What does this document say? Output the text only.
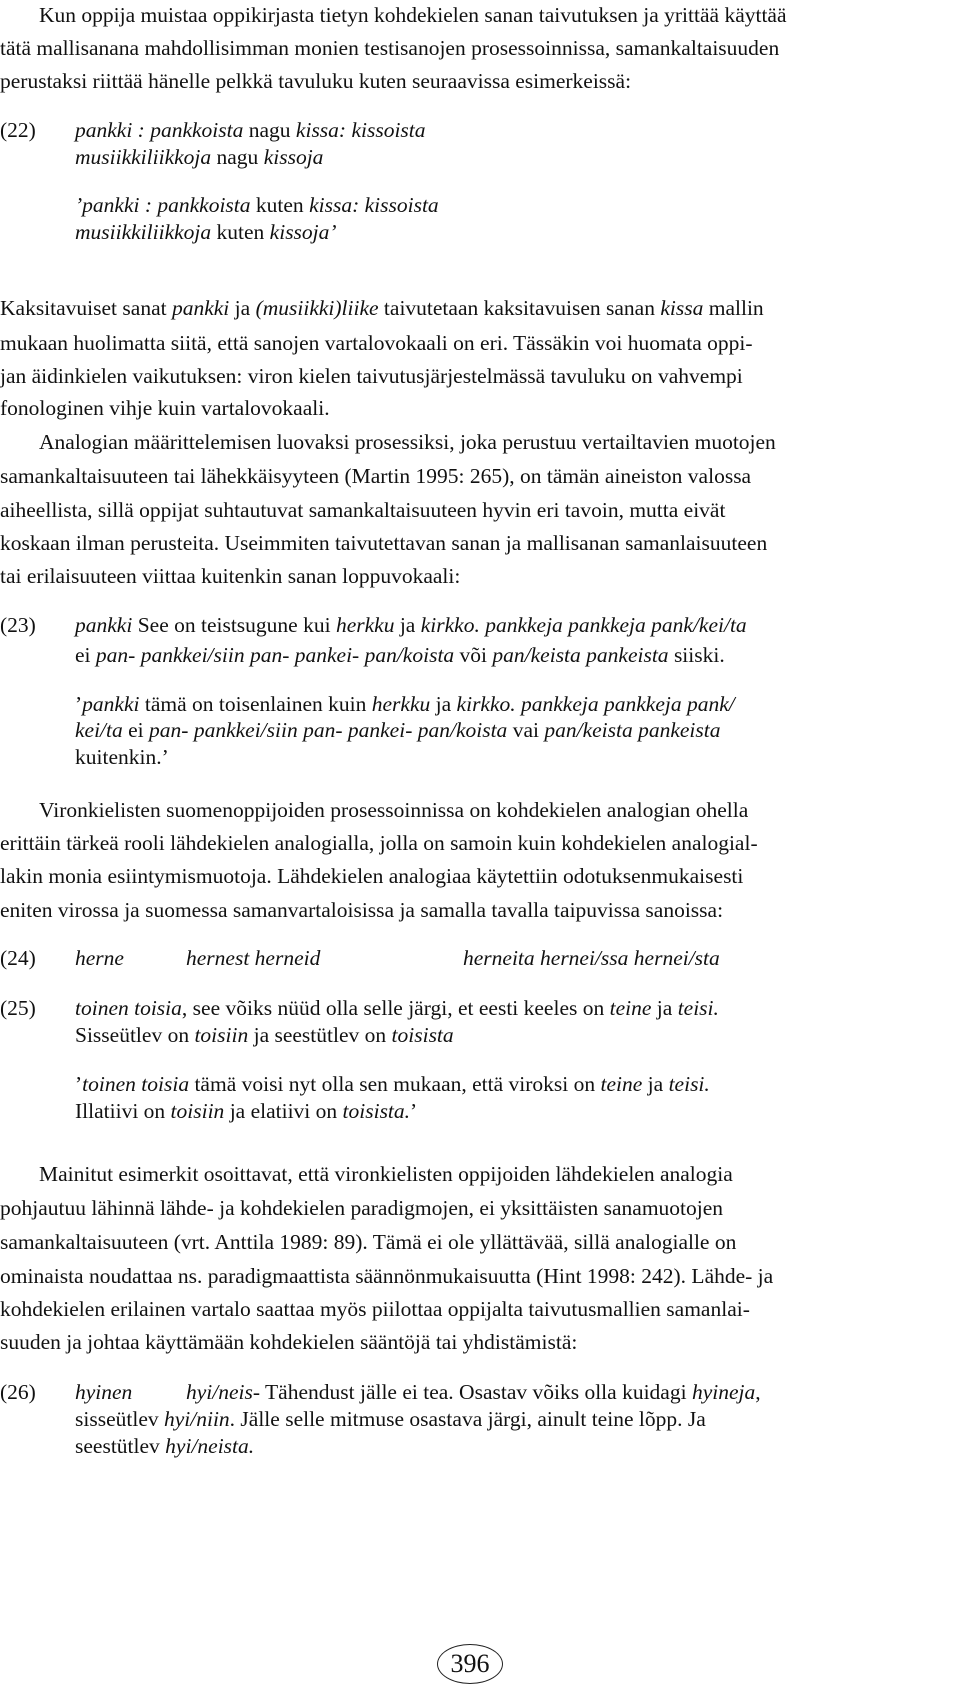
Kun oppija muistaa oppikirjasta tietyn kohdekielen sanan taivutuksen ja yrittää käyttää
tätä mallisanana mahdollisimman monien testisanojen prosessoinnissa, samankaltaisuuden
perustaksi riittää hänelle pelkkä tavuluku kuten seuraavissa esimerkeissä:
(22) pankki : pankkoista nagu kissa: kissoista
musiikkiliikkoja nagu kissoja
’pankki : pankkoista kuten kissa: kissoista
musiikkiliikkoja kuten kissoja’
Kaksitavuiset sanat pankki ja (musiikki)liike taivutetaan kaksitavuisen sanan kissa mallin
mukaan huolimatta siitä, että sanojen vartalovokaali on eri. Tässäkin voi huomata oppi-
jan äidinkielen vaikutuksen: viron kielen taivutusjärjestelmässä tavuluku on vahvempi
fonologinen vihje kuin vartalovokaali.
Analogian määrittelemisen luovaksi prosessiksi, joka perustuu vertailtavien muotojen
samankaltaisuuteen tai lähekkäisyyteen (Martin 1995: 265), on tämän aineiston valossa
aiheellista, sillä oppijat suhtautuvat samankaltaisuuteen hyvin eri tavoin, mutta eivät
koskaan ilman perusteita. Useimmiten taivutettavan sanan ja mallisanan samanlaisuuteen
tai erilaisuuteen viittaa kuitenkin sanan loppuvokaali:
(23) pankki See on teistsugune kui herkku ja kirkko. pankkeja pankkeja pank/kei/ta
ei pan- pankkei/siin pan- pankei- pan/koista või pan/keista pankeista siiski.
’pankki tämä on toisenlainen kuin herkku ja kirkko. pankkeja pankkeja pank/
kei/ta ei pan- pankkei/siin pan- pankei- pan/koista vai pan/keista pankeista
kuitenkin.’
Vironkielisten suomenoppijoiden prosessoinnissa on kohdekielen analogian ohella
erittäin tärkeä rooli lähdekielen analogialla, jolla on samoin kuin kohdekielen analogial-
lakin monia esiintymismuotoja. Lähdekielen analogiaa käytettiin odotuksenmukaisesti
eniten virossa ja suomessa samanvartaloisissa ja samalla tavalla taipuvissa sanoissa:
(24) herne	hernest herneid	herneita hernei/ssa hernei/sta
(25) toinen toisia, see võiks nüüd olla selle järgi, et eesti keeles on teine ja teisi.
Sisseütlev on toisiin ja seestütlev on toisista
’toinen toisia tämä voisi nyt olla sen mukaan, että viroksi on teine ja teisi.
Illatiivi on toisiin ja elatiivi on toisista.’
Mainitut esimerkit osoittavat, että vironkielisten oppijoiden lähdekielen analogia
pohjautuu lähinnä lähde- ja kohdekielen paradigmojen, ei yksittäisten sanamuotojen
samankaltaisuuteen (vrt. Anttila 1989: 89). Tämä ei ole yllättävää, sillä analogialle on
ominaista noudattaa ns. paradigmaattista säännönmukaisuutta (Hint 1998: 242). Lähde- ja
kohdekielen erilainen vartalo saattaa myös piilottaa oppijalta taivutusmallien samanlai-
suuden ja johtaa käyttämään kohdekielen sääntöjä tai yhdistämistä:
(26) hyinen	hyi/neis- Tähendust jälle ei tea. Osastav võiks olla kuidagi hyineja,
sisseütlev hyi/niin. Jälle selle mitmuse osastava järgi, ainult teine lõpp. Ja
seestütlev hyi/neista.
396
